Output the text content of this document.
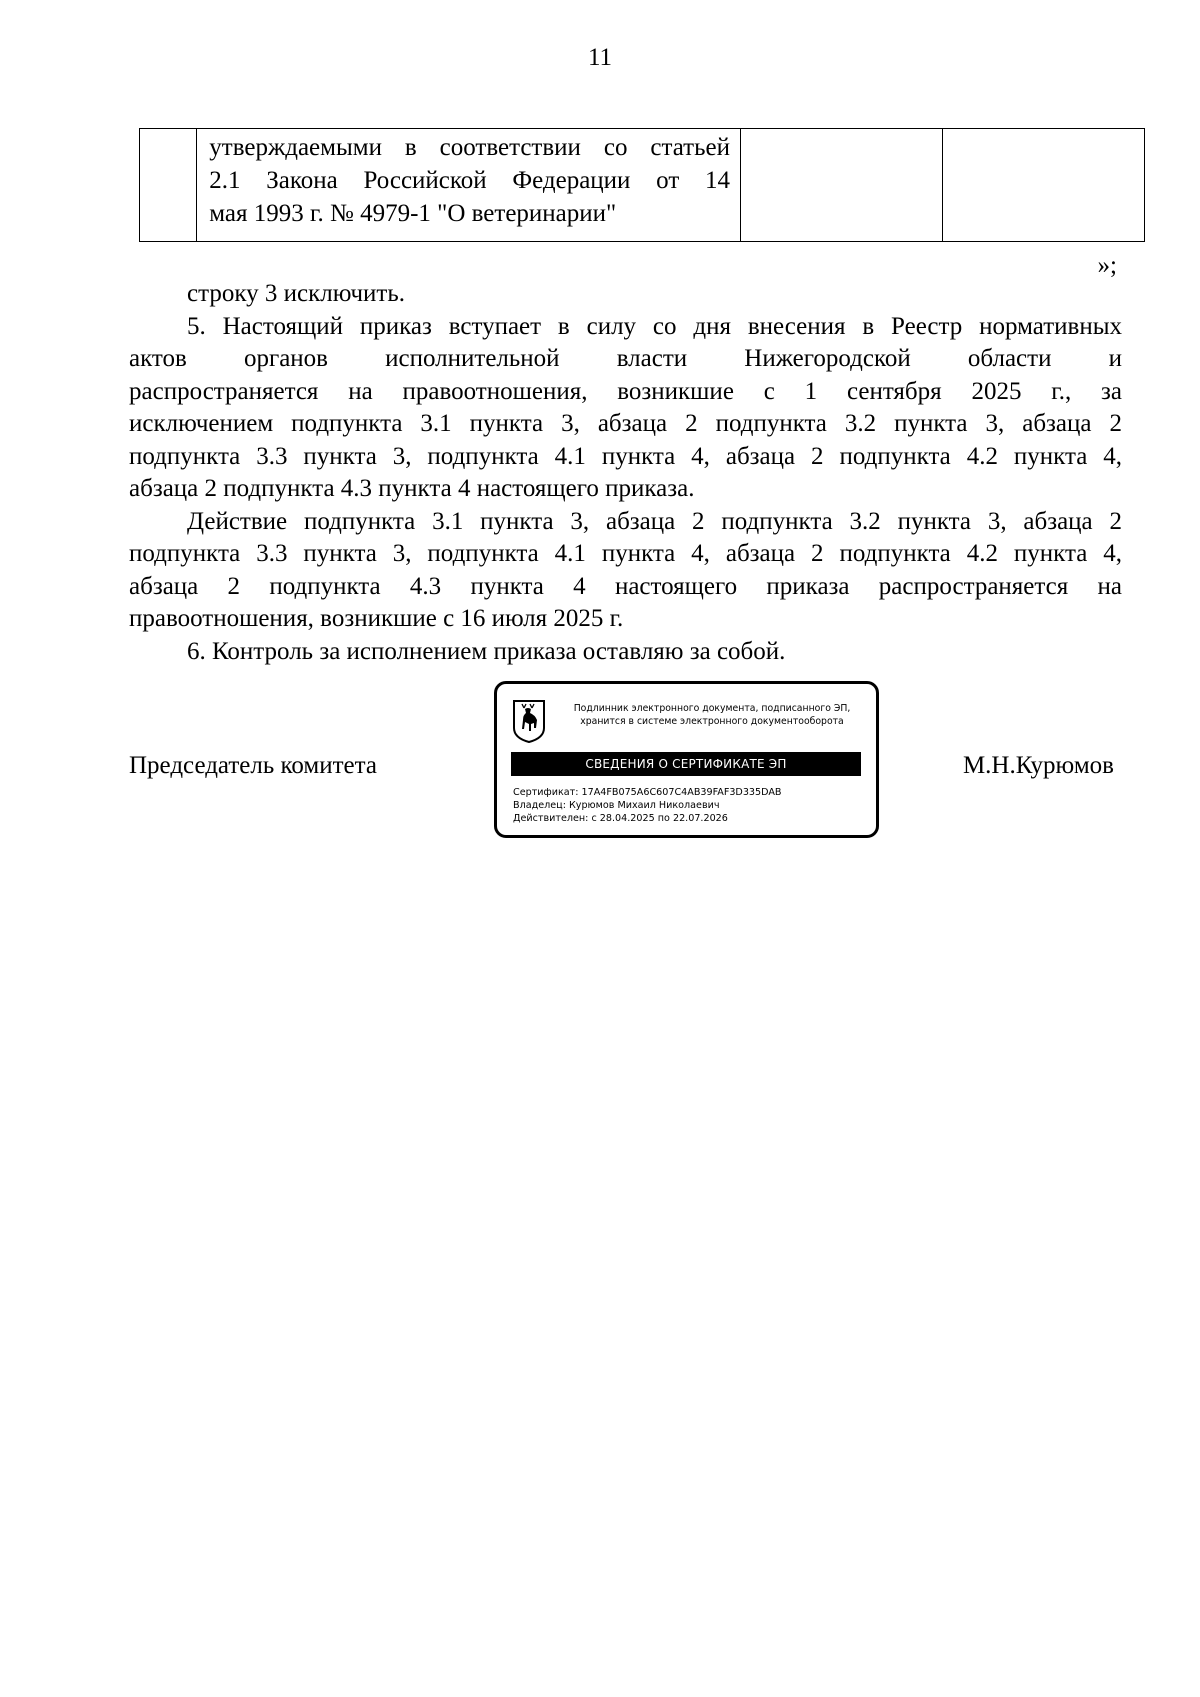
11

утверждаемыми в соответствии со статьей
2.1 Закона Российской Федерации от 14
мая 1993 г. № 4979-1 "О ветеринарии"

»;
строку 3 исключить.
5. Настоящий приказ вступает в силу со дня внесения в Реестр нормативных
актов органов исполнительной власти Нижегородской области и
распространяется на правоотношения, возникшие с 1 сентября 2025 г., за
исключением подпункта 3.1 пункта 3, абзаца 2 подпункта 3.2 пункта 3, абзаца 2
подпункта 3.3 пункта 3, подпункта 4.1 пункта 4, абзаца 2 подпункта 4.2 пункта 4,
абзаца 2 подпункта 4.3 пункта 4 настоящего приказа.
Действие подпункта 3.1 пункта 3, абзаца 2 подпункта 3.2 пункта 3, абзаца 2
подпункта 3.3 пункта 3, подпункта 4.1 пункта 4, абзаца 2 подпункта 4.2 пункта 4,
абзаца 2 подпункта 4.3 пункта 4 настоящего приказа распространяется на
правоотношения, возникшие с 16 июля 2025 г.
6. Контроль за исполнением приказа оставляю за собой.
Председатель комитета	М.Н.Курюмов
Подлинник электронного документа, подписанного ЭП,
хранится в системе электронного документооборота
СВЕДЕНИЯ О СЕРТИФИКАТЕ ЭП
Сертификат: 17A4FB075A6C607C4AB39FAF3D335DAB
Владелец: Курюмов Михаил Николаевич
Действителен: с 28.04.2025 по 22.07.2026
